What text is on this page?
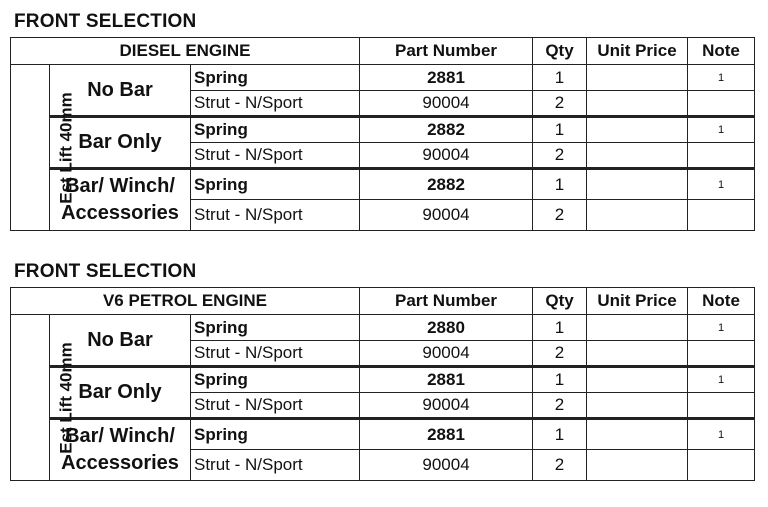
FRONT SELECTION
DIESEL ENGINE			Part Number	Qty	Unit Price	Note
Est Lift 40mm	No Bar	Spring	2881	1		1
		Strut - N/Sport	90004	2		
	Bar Only	Spring	2882	1		1
		Strut - N/Sport	90004	2		
	Bar/ Winch/ Accessories	Spring	2882	1		1
		Strut - N/Sport	90004	2		
FRONT SELECTION
V6 PETROL ENGINE			Part Number	Qty	Unit Price	Note
Est Lift 40mm	No Bar	Spring	2880	1		1
		Strut - N/Sport	90004	2		
	Bar Only	Spring	2881	1		1
		Strut - N/Sport	90004	2		
	Bar/ Winch/ Accessories	Spring	2881	1		1
		Strut - N/Sport	90004	2		
